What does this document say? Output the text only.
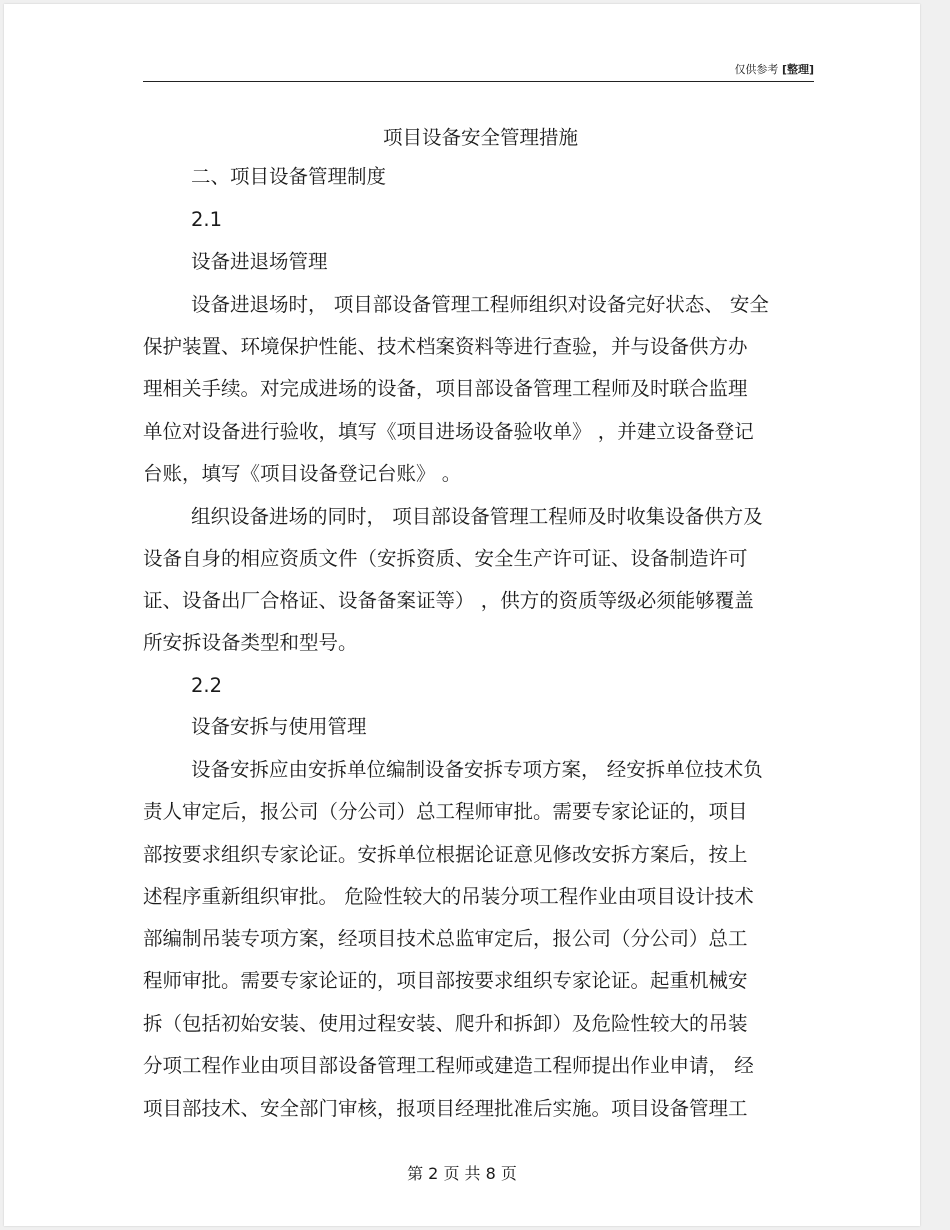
仅供参考 [整理]
项目设备安全管理措施
二、项目设备管理制度
2.1
设备进退场管理
设备进退场时， 项目部设备管理工程师组织对设备完好状态、 安全
保护装置、环境保护性能、技术档案资料等进行查验，并与设备供方办
理相关手续。对完成进场的设备，项目部设备管理工程师及时联合监理
单位对设备进行验收，填写《项目进场设备验收单》 ，并建立设备登记
台账，填写《项目设备登记台账》 。
组织设备进场的同时， 项目部设备管理工程师及时收集设备供方及
设备自身的相应资质文件（安拆资质、安全生产许可证、设备制造许可
证、设备出厂合格证、设备备案证等） ，供方的资质等级必须能够覆盖
所安拆设备类型和型号。
2.2
设备安拆与使用管理
设备安拆应由安拆单位编制设备安拆专项方案， 经安拆单位技术负
责人审定后，报公司（分公司）总工程师审批。需要专家论证的，项目
部按要求组织专家论证。安拆单位根据论证意见修改安拆方案后，按上
述程序重新组织审批。 危险性较大的吊装分项工程作业由项目设计技术
部编制吊装专项方案，经项目技术总监审定后，报公司（分公司）总工
程师审批。需要专家论证的，项目部按要求组织专家论证。起重机械安
拆（包括初始安装、使用过程安装、爬升和拆卸）及危险性较大的吊装
分项工程作业由项目部设备管理工程师或建造工程师提出作业申请， 经
项目部技术、安全部门审核，报项目经理批准后实施。项目设备管理工
第 2 页 共 8 页
